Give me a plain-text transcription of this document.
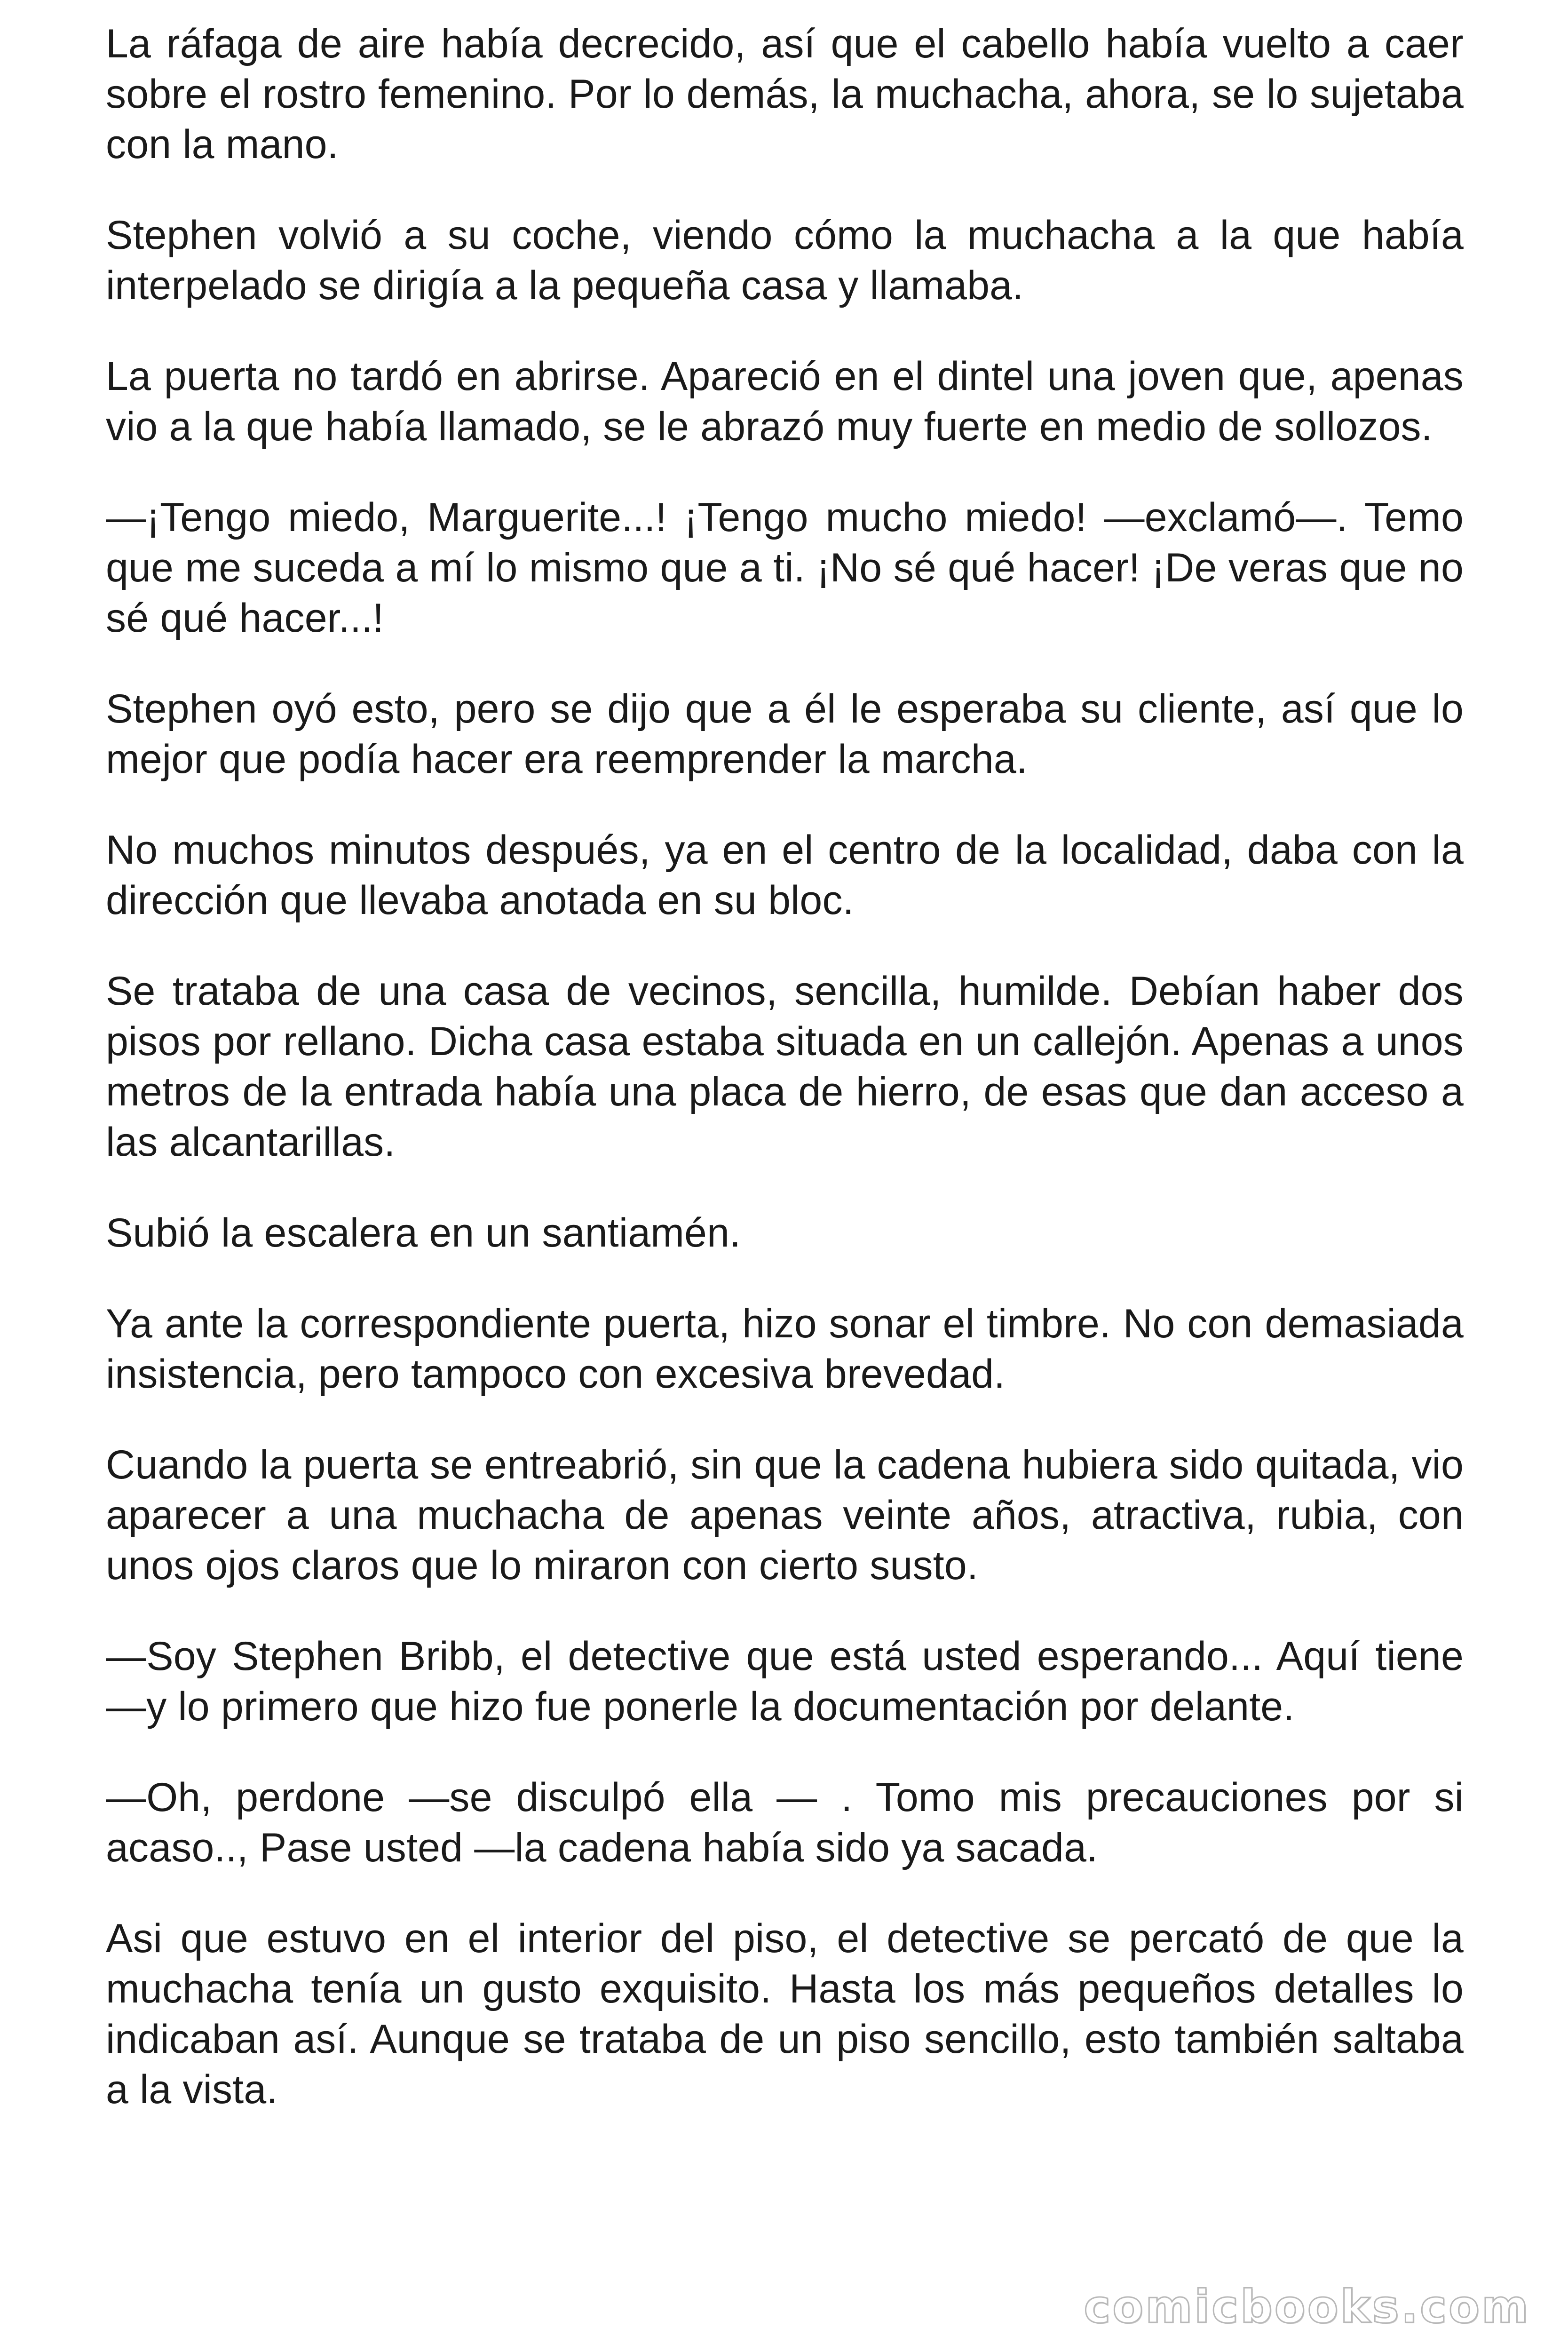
La ráfaga de aire había decrecido, así que el cabello había vuelto a caer sobre el rostro femenino. Por lo demás, la muchacha, ahora, se lo sujetaba con la mano.

Stephen volvió a su coche, viendo cómo la muchacha a la que había interpelado se dirigía a la pequeña casa y llamaba.

La puerta no tardó en abrirse. Apareció en el dintel una joven que, apenas vio a la que había llamado, se le abrazó muy fuerte en medio de sollozos.

—¡Tengo miedo, Marguerite...! ¡Tengo mucho miedo! —exclamó—. Temo que me suceda a mí lo mismo que a ti. ¡No sé qué hacer! ¡De veras que no sé qué hacer...!

Stephen oyó esto, pero se dijo que a él le esperaba su cliente, así que lo mejor que podía hacer era reemprender la marcha.

No muchos minutos después, ya en el centro de la localidad, daba con la dirección que llevaba anotada en su bloc.

Se trataba de una casa de vecinos, sencilla, humilde. Debían haber dos pisos por rellano. Dicha casa estaba situada en un callejón. Apenas a unos metros de la entrada había una placa de hierro, de esas que dan acceso a las alcantarillas.

Subió la escalera en un santiamén.

Ya ante la correspondiente puerta, hizo sonar el timbre. No con demasiada insistencia, pero tampoco con excesiva brevedad.

Cuando la puerta se entreabrió, sin que la cadena hubiera sido quitada, vio aparecer a una muchacha de apenas veinte años, atractiva, rubia, con unos ojos claros que lo miraron con cierto susto.

—Soy Stephen Bribb, el detective que está usted esperando... Aquí tiene —y lo primero que hizo fue ponerle la documentación por delante.

—Oh, perdone —se disculpó ella — . Tomo mis precauciones por si acaso.., Pase usted —la cadena había sido ya sacada.

Asi que estuvo en el interior del piso, el detective se percató de que la muchacha tenía un gusto exquisito. Hasta los más pequeños detalles lo indicaban así. Aunque se trataba de un piso sencillo, esto también saltaba a la vista.

comicbooks.com
